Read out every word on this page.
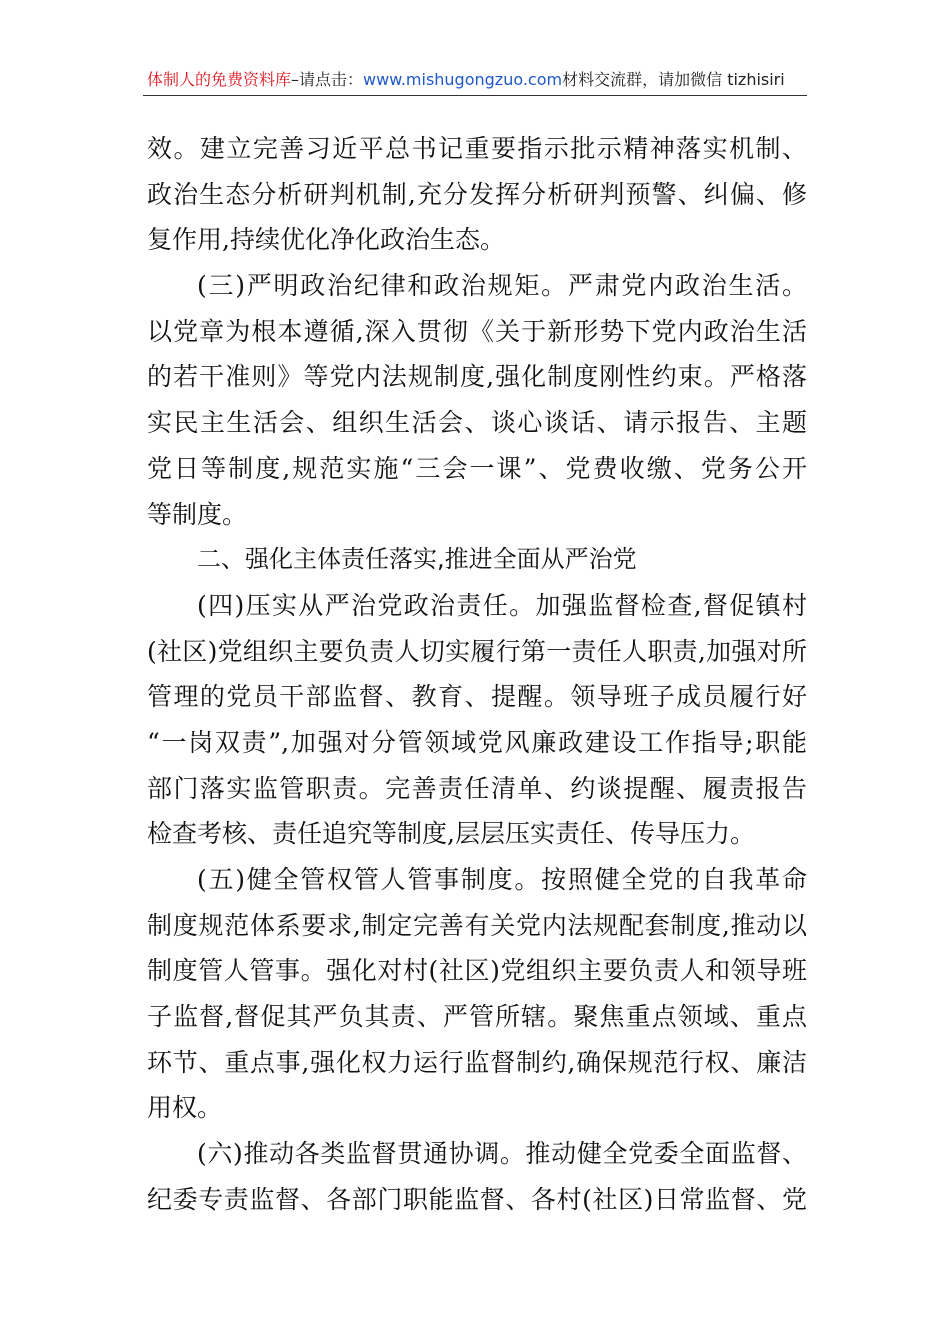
体制人的免费资料库–请点击：www.mishugongzuo.com材料交流群，请加微信 tizhisiri
效。建立完善习近平总书记重要指示批示精神落实机制、
政治生态分析研判机制,充分发挥分析研判预警、纠偏、修
复作用,持续优化净化政治生态。
(三)严明政治纪律和政治规矩。严肃党内政治生活。
以党章为根本遵循,深入贯彻《关于新形势下党内政治生活
的若干准则》等党内法规制度,强化制度刚性约束。严格落
实民主生活会、组织生活会、谈心谈话、请示报告、主题
党日等制度,规范实施“三会一课”、党费收缴、党务公开
等制度。
二、强化主体责任落实,推进全面从严治党
(四)压实从严治党政治责任。加强监督检查,督促镇村
(社区)党组织主要负责人切实履行第一责任人职责,加强对所
管理的党员干部监督、教育、提醒。领导班子成员履行好
“一岗双责”,加强对分管领域党风廉政建设工作指导;职能
部门落实监管职责。完善责任清单、约谈提醒、履责报告
检查考核、责任追究等制度,层层压实责任、传导压力。
(五)健全管权管人管事制度。按照健全党的自我革命
制度规范体系要求,制定完善有关党内法规配套制度,推动以
制度管人管事。强化对村(社区)党组织主要负责人和领导班
子监督,督促其严负其责、严管所辖。聚焦重点领域、重点
环节、重点事,强化权力运行监督制约,确保规范行权、廉洁
用权。
(六)推动各类监督贯通协调。推动健全党委全面监督、
纪委专责监督、各部门职能监督、各村(社区)日常监督、党
